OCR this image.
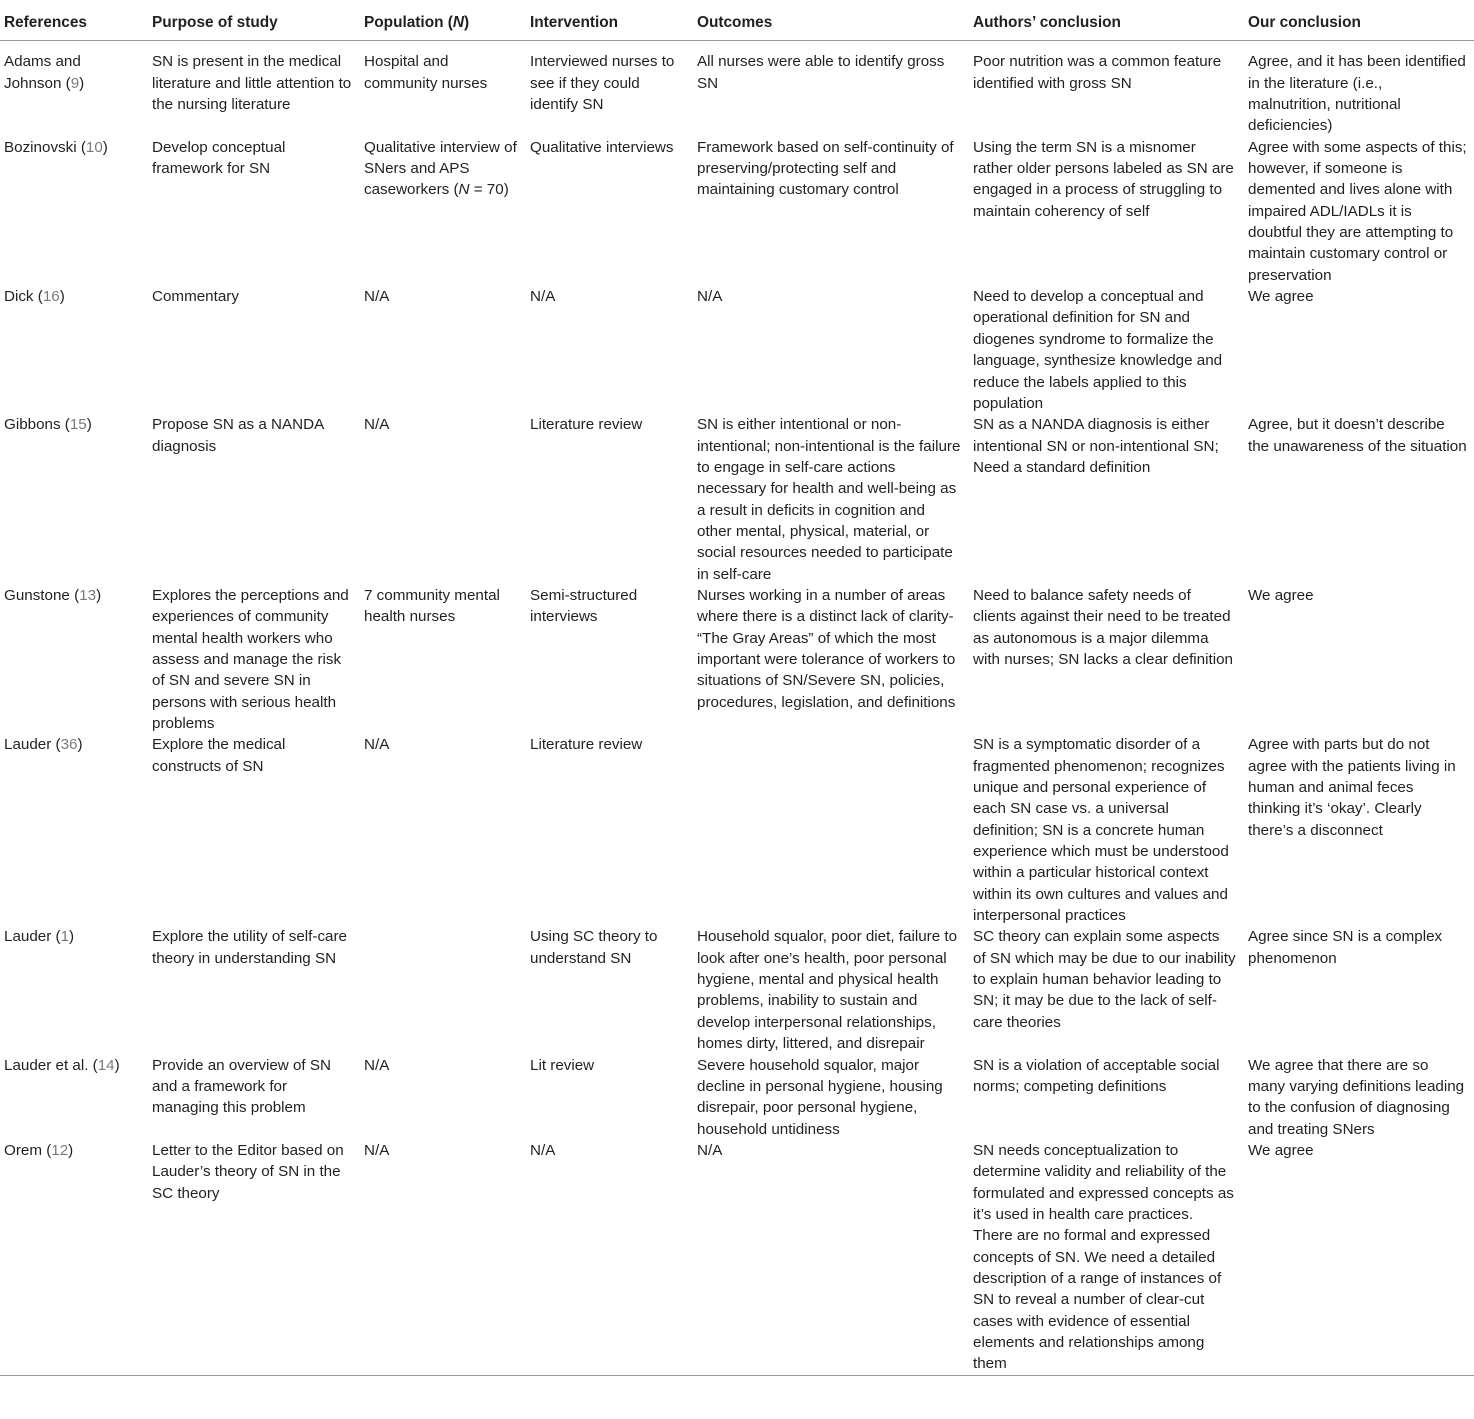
References	Purpose of study	Population (N)	Intervention	Outcomes	Authors’ conclusion	Our conclusion
Adams and Johnson (9)	SN is present in the medical literature and little attention to the nursing literature	Hospital and community nurses	Interviewed nurses to see if they could identify SN	All nurses were able to identify gross SN	Poor nutrition was a common feature identified with gross SN	Agree, and it has been identified in the literature (i.e., malnutrition, nutritional deficiencies)
Bozinovski (10)	Develop conceptual framework for SN	Qualitative interview of SNers and APS caseworkers (N = 70)	Qualitative interviews	Framework based on self-continuity of preserving/protecting self and maintaining customary control	Using the term SN is a misnomer rather older persons labeled as SN are engaged in a process of struggling to maintain coherency of self	Agree with some aspects of this; however, if someone is demented and lives alone with impaired ADL/IADLs it is doubtful they are attempting to maintain customary control or preservation
Dick (16)	Commentary	N/A	N/A	N/A	Need to develop a conceptual and operational definition for SN and diogenes syndrome to formalize the language, synthesize knowledge and reduce the labels applied to this population	We agree
Gibbons (15)	Propose SN as a NANDA diagnosis	N/A	Literature review	SN is either intentional or non-intentional; non-intentional is the failure to engage in self-care actions necessary for health and well-being as a result in deficits in cognition and other mental, physical, material, or social resources needed to participate in self-care	SN as a NANDA diagnosis is either intentional SN or non-intentional SN; Need a standard definition	Agree, but it doesn’t describe the unawareness of the situation
Gunstone (13)	Explores the perceptions and experiences of community mental health workers who assess and manage the risk of SN and severe SN in persons with serious health problems	7 community mental health nurses	Semi-structured interviews	Nurses working in a number of areas where there is a distinct lack of clarity- “The Gray Areas” of which the most important were tolerance of workers to situations of SN/Severe SN, policies, procedures, legislation, and definitions	Need to balance safety needs of clients against their need to be treated as autonomous is a major dilemma with nurses; SN lacks a clear definition	We agree
Lauder (36)	Explore the medical constructs of SN	N/A	Literature review		SN is a symptomatic disorder of a fragmented phenomenon; recognizes unique and personal experience of each SN case vs. a universal definition; SN is a concrete human experience which must be understood within a particular historical context within its own cultures and values and interpersonal practices	Agree with parts but do not agree with the patients living in human and animal feces thinking it’s ‘okay’. Clearly there’s a disconnect
Lauder (1)	Explore the utility of self-care theory in understanding SN		Using SC theory to understand SN	Household squalor, poor diet, failure to look after one’s health, poor personal hygiene, mental and physical health problems, inability to sustain and develop interpersonal relationships, homes dirty, littered, and disrepair	SC theory can explain some aspects of SN which may be due to our inability to explain human behavior leading to SN; it may be due to the lack of self-care theories	Agree since SN is a complex phenomenon
Lauder et al. (14)	Provide an overview of SN and a framework for managing this problem	N/A	Lit review	Severe household squalor, major decline in personal hygiene, housing disrepair, poor personal hygiene, household untidiness	SN is a violation of acceptable social norms; competing definitions	We agree that there are so many varying definitions leading to the confusion of diagnosing and treating SNers
Orem (12)	Letter to the Editor based on Lauder’s theory of SN in the SC theory	N/A	N/A	N/A	SN needs conceptualization to determine validity and reliability of the formulated and expressed concepts as it’s used in health care practices. There are no formal and expressed concepts of SN. We need a detailed description of a range of instances of SN to reveal a number of clear-cut cases with evidence of essential elements and relationships among them	We agree
